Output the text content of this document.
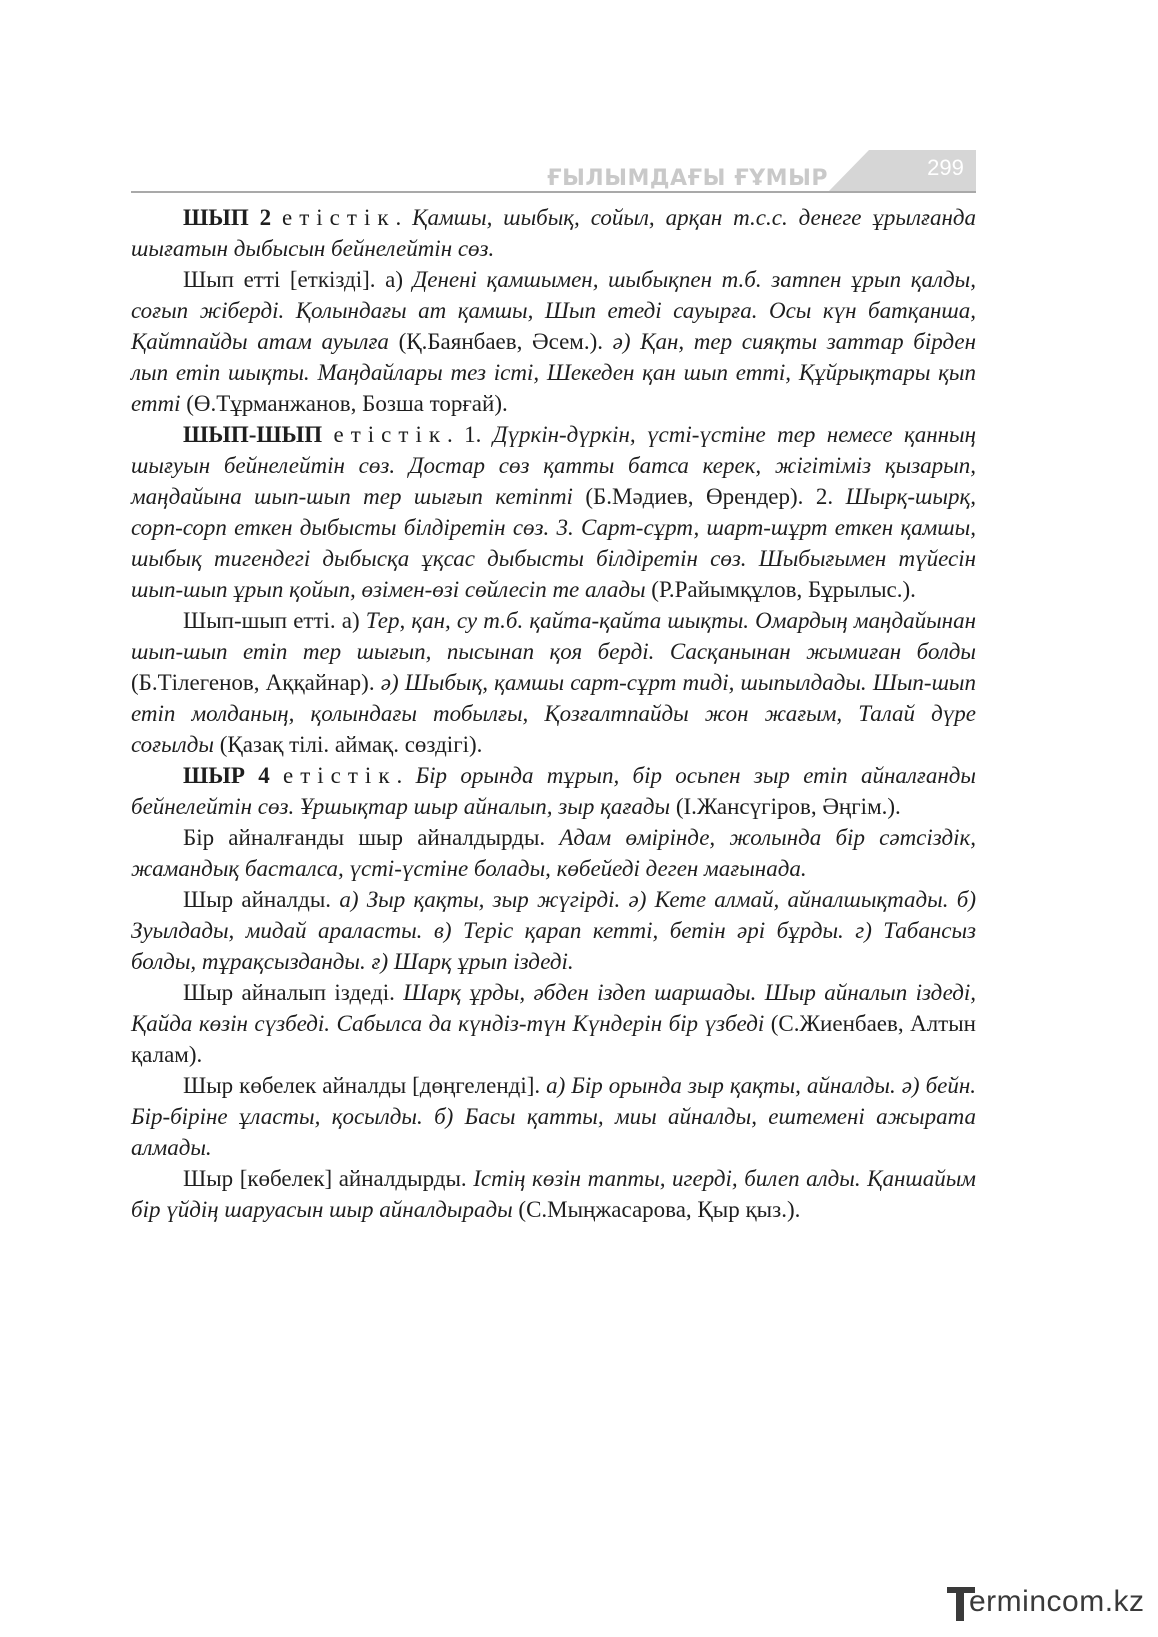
ҒЫЛЫМДАҒЫ ҒҰМЫР	299

ШЫП 2 етістік. Қамшы, шыбық, сойыл, арқан т.с.с. денеге ұрылғанда шығатын дыбысын бейнелейтін сөз.

Шып етті [еткізді]. а) Денені қамшымен, шыбықпен т.б. затпен ұрып қалды, соғып жіберді. Қолындағы ат қамшы, Шып етеді сауырға. Осы күн батқанша, Қайтпайды атам ауылға (Қ.Баянбаев, Әсем.). ә) Қан, тер сияқты заттар бірден лып етіп шықты. Маңдайлары тез істі, Шекеден қан шып етті, Құйрықтары қып етті (Ө.Тұрманжанов, Бозша торғай).

ШЫП-ШЫП етістік. 1. Дүркін-дүркін, үсті-үстіне тер немесе қанның шығуын бейнелейтін сөз. Достар сөз қатты батса керек, жігітіміз қызарып, маңдайына шып-шып тер шығып кетіпті (Б.Мәдиев, Өрендер). 2. Шырқ-шырқ, сорп-сорп еткен дыбысты білдіретін сөз. 3. Сарт-сұрт, шарт-шұрт еткен қамшы, шыбық тигендегі дыбысқа ұқсас дыбысты білдіретін сөз. Шыбығымен түйесін шып-шып ұрып қойып, өзімен-өзі сөйлесіп те алады (Р.Райымқұлов, Бұрылыс.).

Шып-шып етті. а) Тер, қан, су т.б. қайта-қайта шықты. Омардың маңдайынан шып-шып етіп тер шығып, пысынап қоя берді. Сасқанынан жымиған болды (Б.Тілегенов, Аққайнар). ә) Шыбық, қамшы сарт-сұрт тиді, шыпылдады. Шып-шып етіп молданың, қолындағы тобылғы, Қозғалтпайды жон жағым, Талай дүре соғылды (Қазақ тілі. аймақ. сөздігі).

ШЫР 4 етістік. Бір орында тұрып, бір осьпен зыр етіп айналғанды бейнелейтін сөз. Ұршықтар шыр айналып, зыр қағады (І.Жансүгіров, Әңгім.).

Бір айналғанды шыр айналдырды. Адам өмірінде, жолында бір сәтсіздік, жамандық басталса, үсті-үстіне болады, көбейеді деген мағынада.

Шыр айналды. а) Зыр қақты, зыр жүгірді. ә) Кете алмай, айналшықтады. б) Зуылдады, мидай араласты. в) Теріс қарап кетті, бетін әрі бұрды. г) Табансыз болды, тұрақсызданды. ғ) Шарқ ұрып іздеді.

Шыр айналып іздеді. Шарқ ұрды, әбден іздеп шаршады. Шыр айналып іздеді, Қайда көзін сүзбеді. Сабылса да күндіз-түн Күндерін бір үзбеді (С.Жиенбаев, Алтын қалам).

Шыр көбелек айналды [дөңгеленді]. а) Бір орында зыр қақты, айналды. ә) бейн. Бір-біріне ұласты, қосылды. б) Басы қатты, миы айналды, ештемені ажырата алмады.

Шыр [көбелек] айналдырды. Істің көзін тапты, игерді, билеп алды. Қаншайым бір үйдің шаруасын шыр айналдырады (С.Мыңжасарова, Қыр қыз.).

ermincom.kz
